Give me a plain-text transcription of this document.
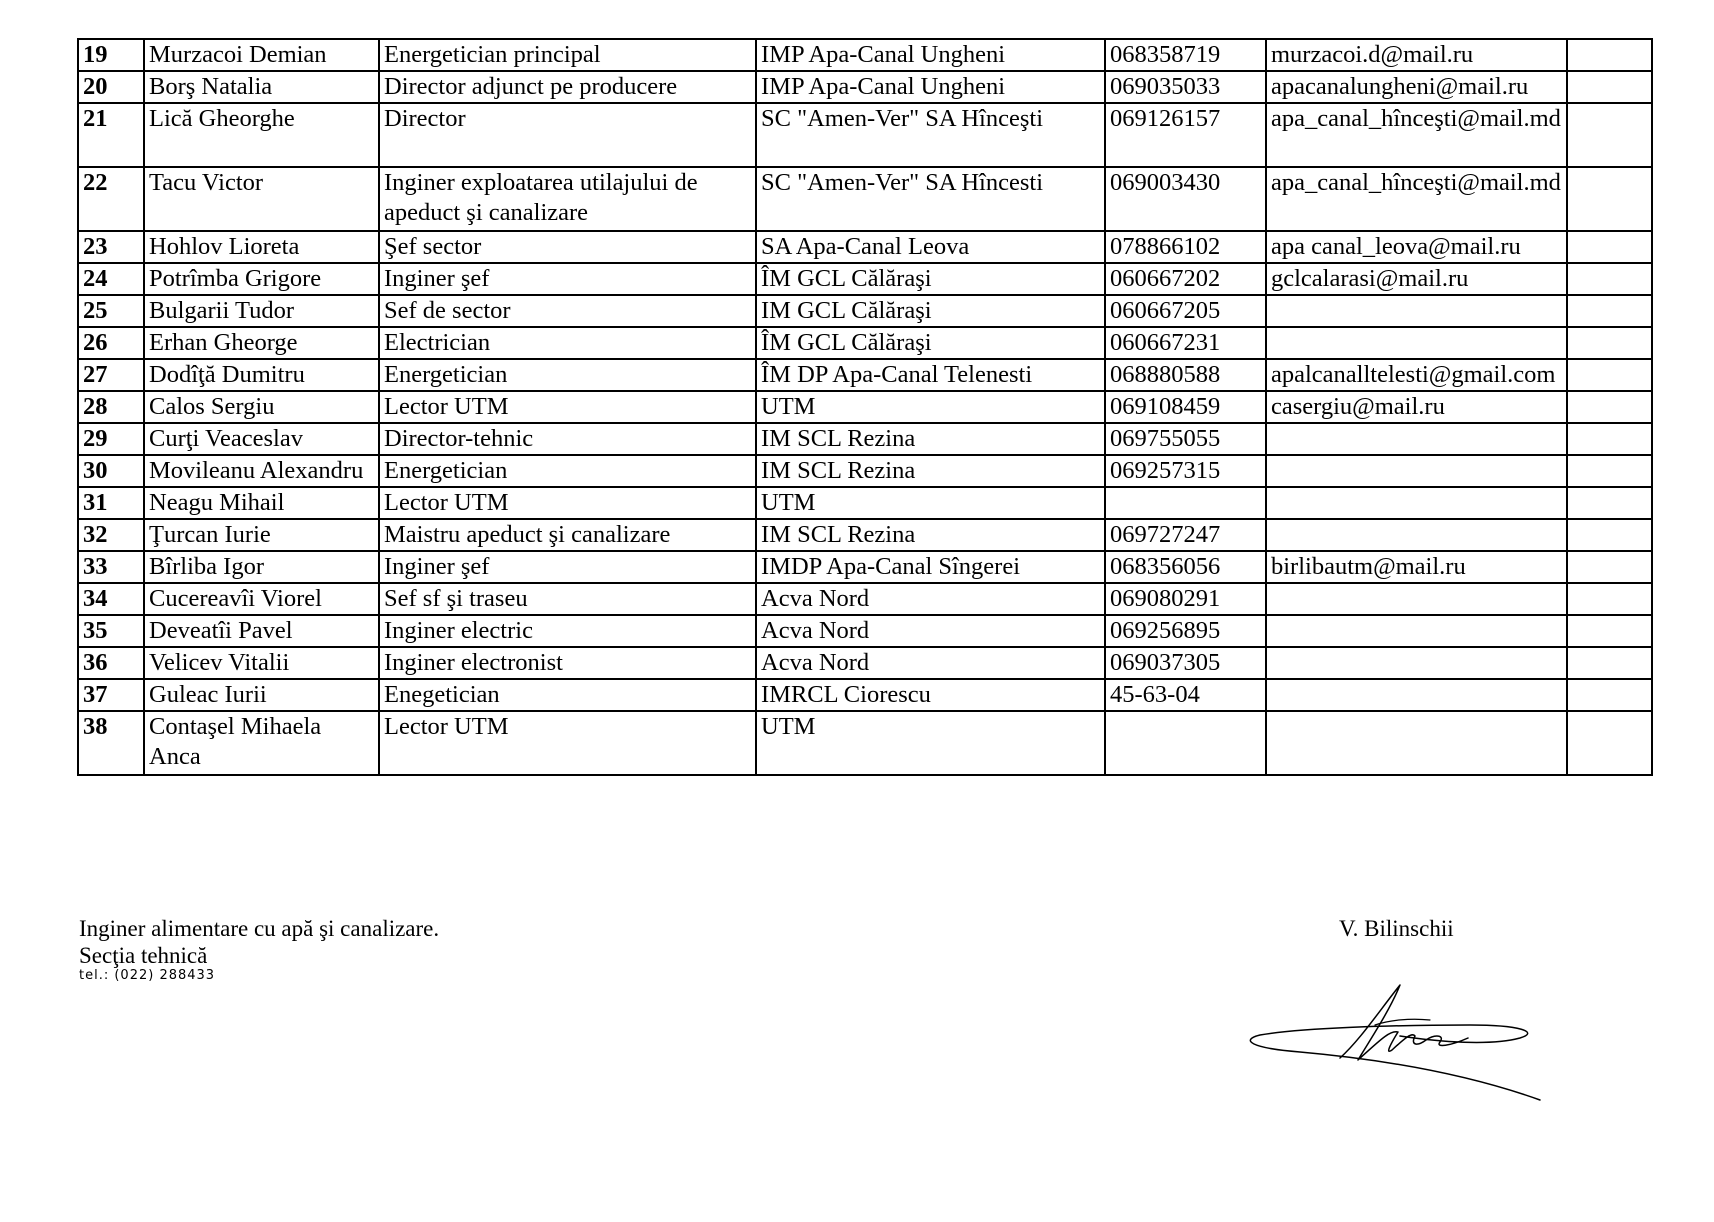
19	Murzacoi Demian	Energetician principal	IMP Apa-Canal Ungheni	068358719	murzacoi.d@mail.ru	
20	Borş Natalia	Director adjunct pe producere	IMP Apa-Canal Ungheni	069035033	apacanalungheni@mail.ru	
21	Lică Gheorghe	Director	SC "Amen-Ver" SA Hînceşti	069126157	apa_canal_hînceşti@mail.md	
22	Tacu Victor	Inginer exploatarea utilajului de apeduct şi canalizare	SC "Amen-Ver" SA Hîncesti	069003430	apa_canal_hînceşti@mail.md	
23	Hohlov Lioreta	Şef sector	SA Apa-Canal Leova	078866102	apa canal_leova@mail.ru	
24	Potrîmba Grigore	Inginer şef	ÎM GCL Călăraşi	060667202	gclcalarasi@mail.ru	
25	Bulgarii Tudor	Sef de sector	IM GCL Călăraşi	060667205		
26	Erhan Gheorge	Electrician	ÎM GCL Călăraşi	060667231		
27	Dodîţă Dumitru	Energetician	ÎM DP Apa-Canal Telenesti	068880588	apalcanalltelesti@gmail.com	
28	Calos Sergiu	Lector UTM	UTM	069108459	casergiu@mail.ru	
29	Curţi Veaceslav	Director-tehnic	IM SCL Rezina	069755055		
30	Movileanu Alexandru	Energetician	IM SCL Rezina	069257315		
31	Neagu Mihail	Lector UTM	UTM			
32	Ţurcan Iurie	Maistru apeduct şi canalizare	IM SCL Rezina	069727247		
33	Bîrliba Igor	Inginer şef	IMDP Apa-Canal Sîngerei	068356056	birlibautm@mail.ru	
34	Cucereavîi Viorel	Sef sf şi traseu	Acva Nord	069080291		
35	Deveatîi Pavel	Inginer electric	Acva Nord	069256895		
36	Velicev Vitalii	Inginer electronist	Acva Nord	069037305		
37	Guleac Iurii	Enegetician	IMRCL Ciorescu	45-63-04		
38	Contaşel Mihaela Anca	Lector UTM	UTM			
Inginer alimentare cu apă şi canalizare.
Secţia tehnică
tel.: (022) 288433
V. Bilinschii
